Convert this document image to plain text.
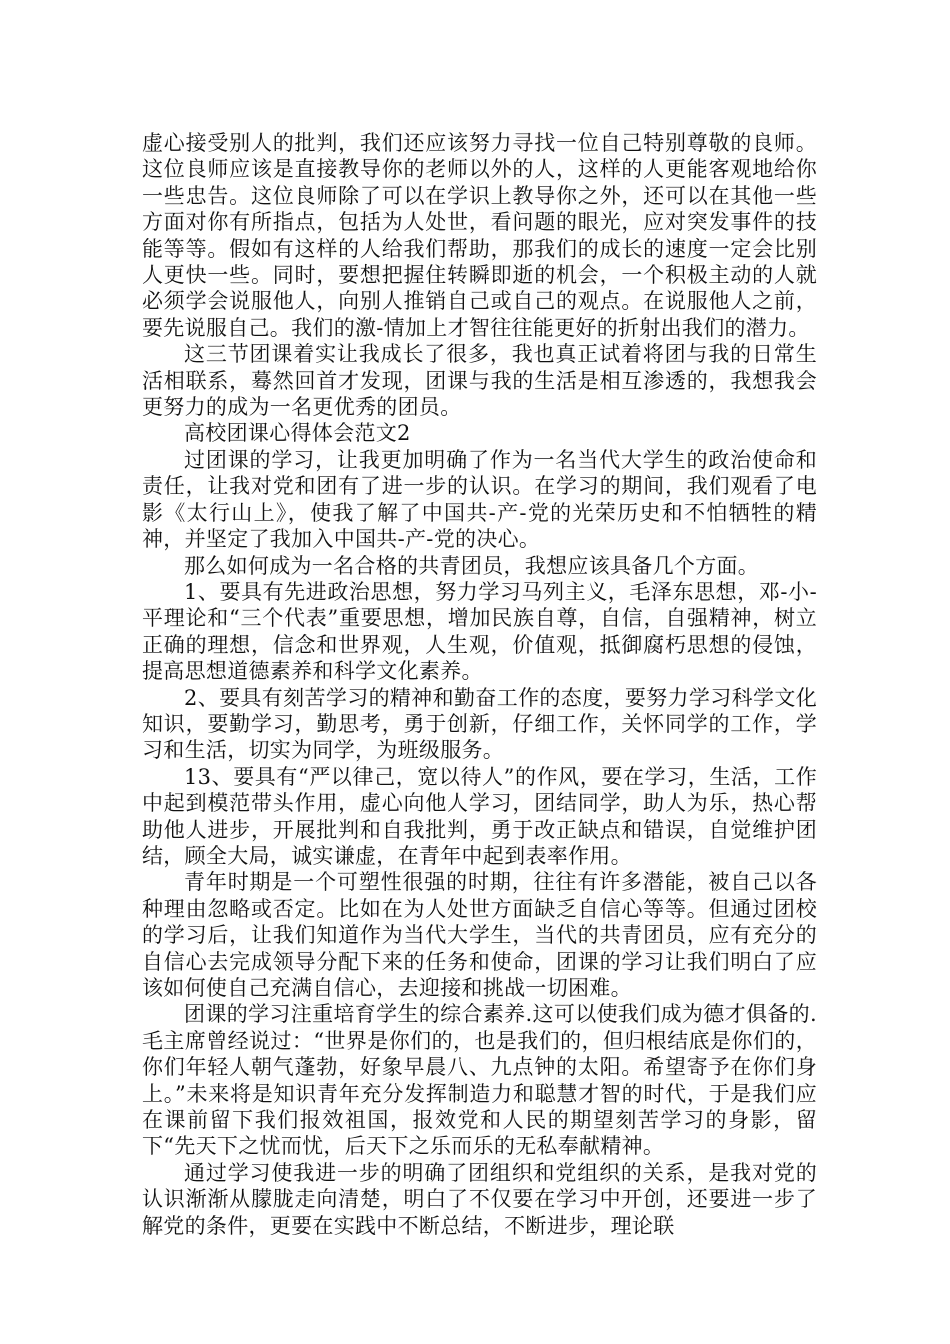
虚心接受别人的批判，我们还应该努力寻找一位自己特别尊敬的良师。这位良师应该是直接教导你的老师以外的人，这样的人更能客观地给你一些忠告。这位良师除了可以在学识上教导你之外，还可以在其他一些方面对你有所指点，包括为人处世，看问题的眼光，应对突发事件的技能等等。假如有这样的人给我们帮助，那我们的成长的速度一定会比别人更快一些。同时，要想把握住转瞬即逝的机会，一个积极主动的人就必须学会说服他人，向别人推销自己或自己的观点。在说服他人之前，要先说服自己。我们的激-情加上才智往往能更好的折射出我们的潜力。

这三节团课着实让我成长了很多，我也真正试着将团与我的日常生活相联系，蓦然回首才发现，团课与我的生活是相互渗透的，我想我会更努力的成为一名更优秀的团员。

高校团课心得体会范文2

过团课的学习，让我更加明确了作为一名当代大学生的政治使命和责任，让我对党和团有了进一步的认识。在学习的期间，我们观看了电影《太行山上》，使我了解了中国共-产-党的光荣历史和不怕牺牲的精神，并坚定了我加入中国共-产-党的决心。

那么如何成为一名合格的共青团员，我想应该具备几个方面。

1、要具有先进政治思想，努力学习马列主义，毛泽东思想，邓-小-平理论和“三个代表”重要思想，增加民族自尊，自信，自强精神，树立正确的理想，信念和世界观，人生观，价值观，抵御腐朽思想的侵蚀，提高思想道德素养和科学文化素养。

2、要具有刻苦学习的精神和勤奋工作的态度，要努力学习科学文化知识，要勤学习，勤思考，勇于创新，仔细工作，关怀同学的工作，学习和生活，切实为同学，为班级服务。

13、要具有“严以律己，宽以待人”的作风，要在学习，生活，工作中起到模范带头作用，虚心向他人学习，团结同学，助人为乐，热心帮助他人进步，开展批判和自我批判，勇于改正缺点和错误，自觉维护团结，顾全大局，诚实谦虚，在青年中起到表率作用。

青年时期是一个可塑性很强的时期，往往有许多潜能，被自己以各种理由忽略或否定。比如在为人处世方面缺乏自信心等等。但通过团校的学习后，让我们知道作为当代大学生，当代的共青团员，应有充分的自信心去完成领导分配下来的任务和使命，团课的学习让我们明白了应该如何使自己充满自信心，去迎接和挑战一切困难。

团课的学习注重培育学生的综合素养.这可以使我们成为德才俱备的.毛主席曾经说过：“世界是你们的，也是我们的，但归根结底是你们的，你们年轻人朝气蓬勃，好象早晨八、九点钟的太阳。希望寄予在你们身上。”未来将是知识青年充分发挥制造力和聪慧才智的时代，于是我们应在课前留下我们报效祖国，报效党和人民的期望刻苦学习的身影，留下“先天下之忧而忧，后天下之乐而乐的无私奉献精神。

通过学习使我进一步的明确了团组织和党组织的关系，是我对党的认识渐渐从朦胧走向清楚，明白了不仅要在学习中开创，还要进一步了解党的条件，更要在实践中不断总结，不断进步，理论联
